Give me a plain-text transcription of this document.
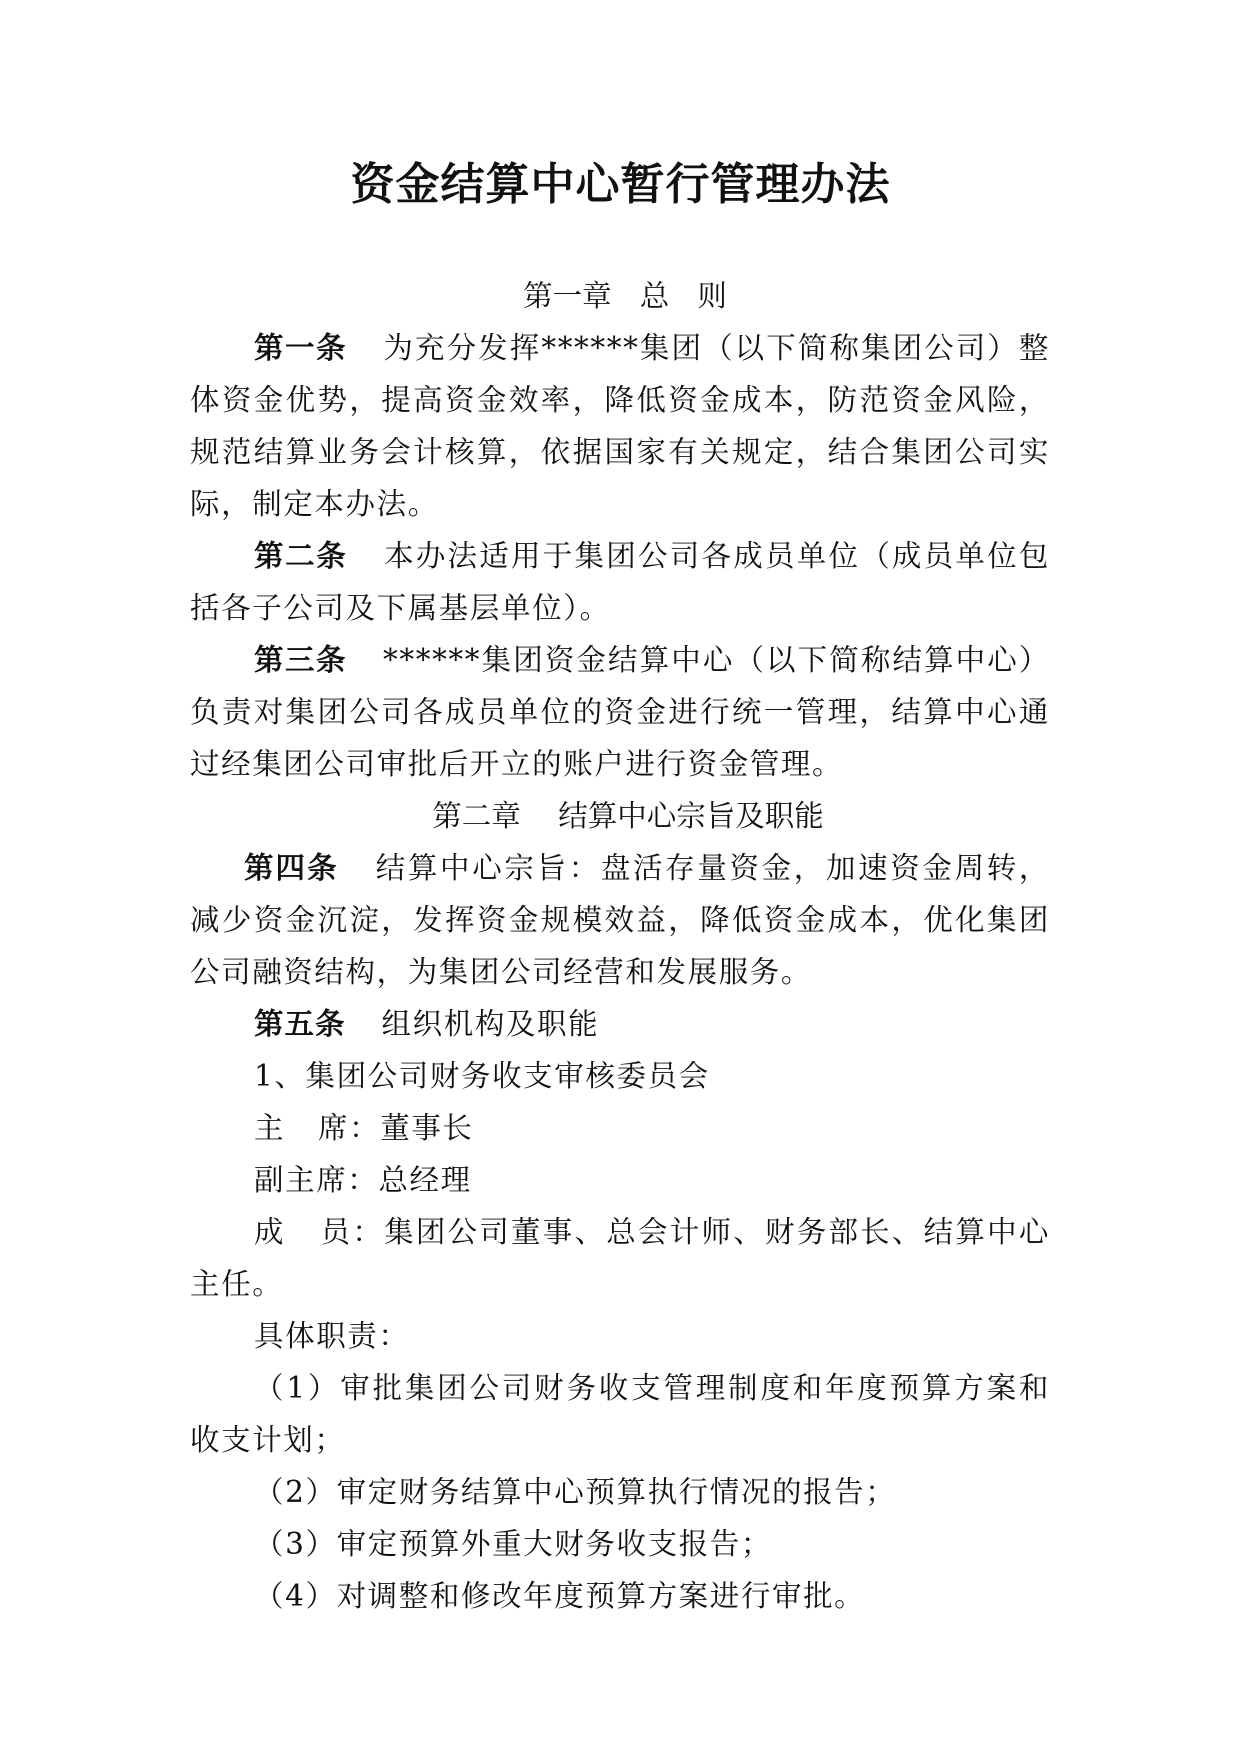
资金结算中心暂行管理办法
第一章   总   则

第一条 为充分发挥******集团（以下简称集团公司）整体资金优势，提高资金效率，降低资金成本，防范资金风险，规范结算业务会计核算，依据国家有关规定，结合集团公司实际，制定本办法。

第二条 本办法适用于集团公司各成员单位（成员单位包括各子公司及下属基层单位）。

第三条 ******集团资金结算中心（以下简称结算中心）负责对集团公司各成员单位的资金进行统一管理，结算中心通过经集团公司审批后开立的账户进行资金管理。

第二章    结算中心宗旨及职能

第四条 结算中心宗旨：盘活存量资金，加速资金周转，减少资金沉淀，发挥资金规模效益，降低资金成本，优化集团公司融资结构，为集团公司经营和发展服务。

第五条 组织机构及职能

1、集团公司财务收支审核委员会

主   席：董事长

副主席：总经理

成   员：集团公司董事、总会计师、财务部长、结算中心主任。

具体职责：

（1）审批集团公司财务收支管理制度和年度预算方案和收支计划；

（2）审定财务结算中心预算执行情况的报告；

（3）审定预算外重大财务收支报告；

（4）对调整和修改年度预算方案进行审批。
